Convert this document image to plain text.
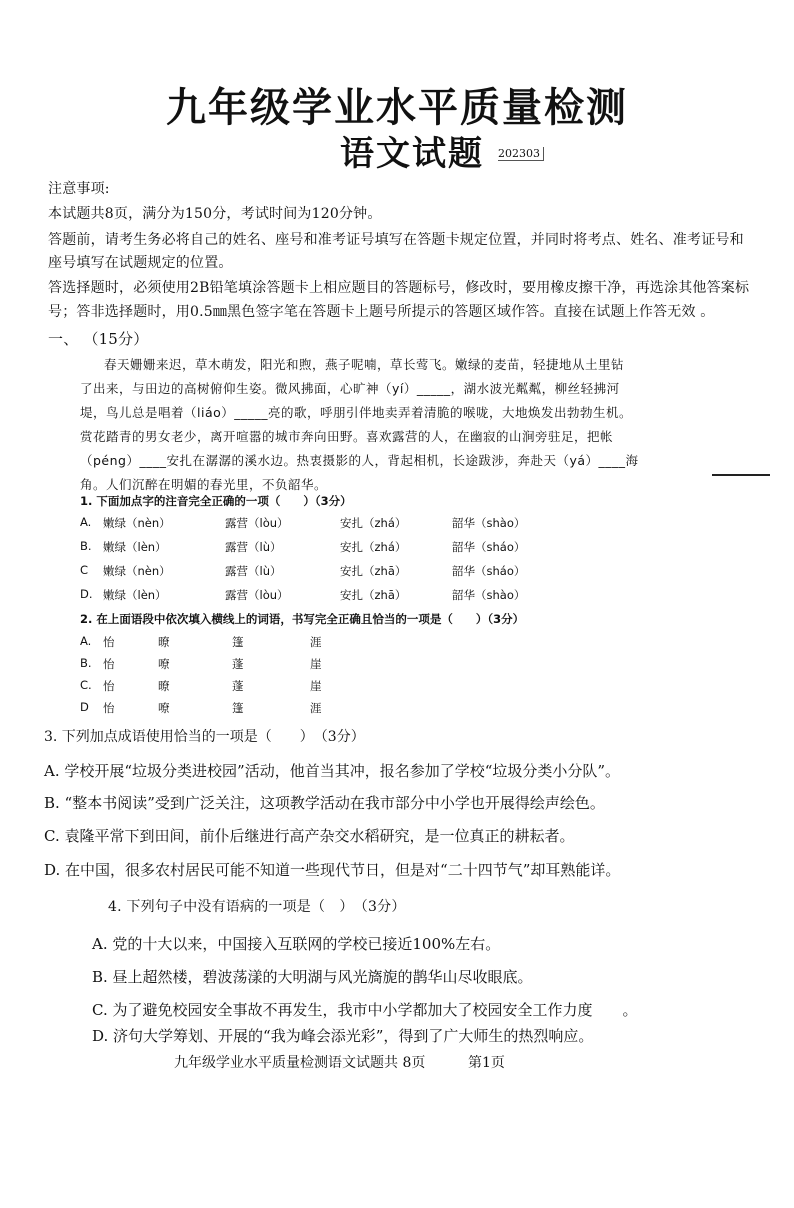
九年级学业水平质量检测
语文试题 202303
注意事项:
本试题共8页，满分为150分，考试时间为120分钟。
答题前，请考生务必将自己的姓名、座号和准考证号填写在答题卡规定位置，并同时将考点、姓名、准考证号和
座号填写在试题规定的位置。
答选择题时，必须使用2B铅笔填涂答题卡上相应题目的答题标号，修改时，要用橡皮擦干净，再选涂其他答案标
号；答非选择题时，用0.5㎜黑色签字笔在答题卡上题号所提示的答题区域作答。直接在试题上作答无效 。
一、 （15分）
春天姗姗来迟，草木萌发，阳光和煦，燕子呢喃，草长莺飞。嫩绿的麦苗，轻捷地从土里钻
了出来，与田边的高树俯仰生姿。微风拂面，心旷神（yí）_____，湖水波光粼粼，柳丝轻拂河
堤，鸟儿总是唱着（liáo）_____亮的歌，呼朋引伴地卖弄着清脆的喉咙，大地焕发出勃勃生机。
赏花踏青的男女老少，离开喧嚣的城市奔向田野。喜欢露营的人，在幽寂的山涧旁驻足，把帐
（péng）____安扎在潺潺的溪水边。热衷摄影的人，背起相机，长途跋涉，奔赴天（yá）____海
角。人们沉醉在明媚的春光里，不负韶华。
1. 下面加点字的注音完全正确的一项（　　）（3分）
A. 嫩绿（nèn）	露营（lòu）	安扎（zhá）	韶华（shào）
B. 嫩绿（lèn）	露营（lù）	安扎（zhá）	韶华（sháo）
C 嫩绿（nèn）	露营（lù）	安扎（zhā）	韶华（sháo）
D. 嫩绿（lèn）	露营（lòu）	安扎（zhā）	韶华（shào）
2. 在上面语段中依次填入横线上的词语，书写完全正确且恰当的一项是（　　）（3分）
A. 怡	暸	篷	涯
B. 怡	嘹	蓬	崖
C. 怡	暸	蓬	崖
D 怡	嘹	篷	涯
3. 下列加点成语使用恰当的一项是（　　）　（3分）
A. 学校开展“垃圾分类进校园”活动，他首当其冲，报名参加了学校“垃圾分类小分队”。
B. “整本书阅读”受到广泛关注，这项教学活动在我市部分中小学也开展得绘声绘色。
C. 袁隆平常下到田间，前仆后继进行高产杂交水稻研究，是一位真正的耕耘者。
D. 在中国，很多农村居民可能不知道一些现代节日，但是对“二十四节气”却耳熟能详。
4. 下列句子中没有语病的一项是（　）　（3分）
A. 党的十大以来，中国接入互联网的学校已接近100%左右。
B. 昼上超然楼，碧波荡漾的大明湖与风光旖旎的鹊华山尽收眼底。
C. 为了避免校园安全事故不再发生，我市中小学都加大了校园安全工作力度　　。
D. 济句大学筹划、开展的“我为峰会添光彩”，得到了广大师生的热烈响应。
九年级学业水平质量检测语文试题共 8页	第1页
